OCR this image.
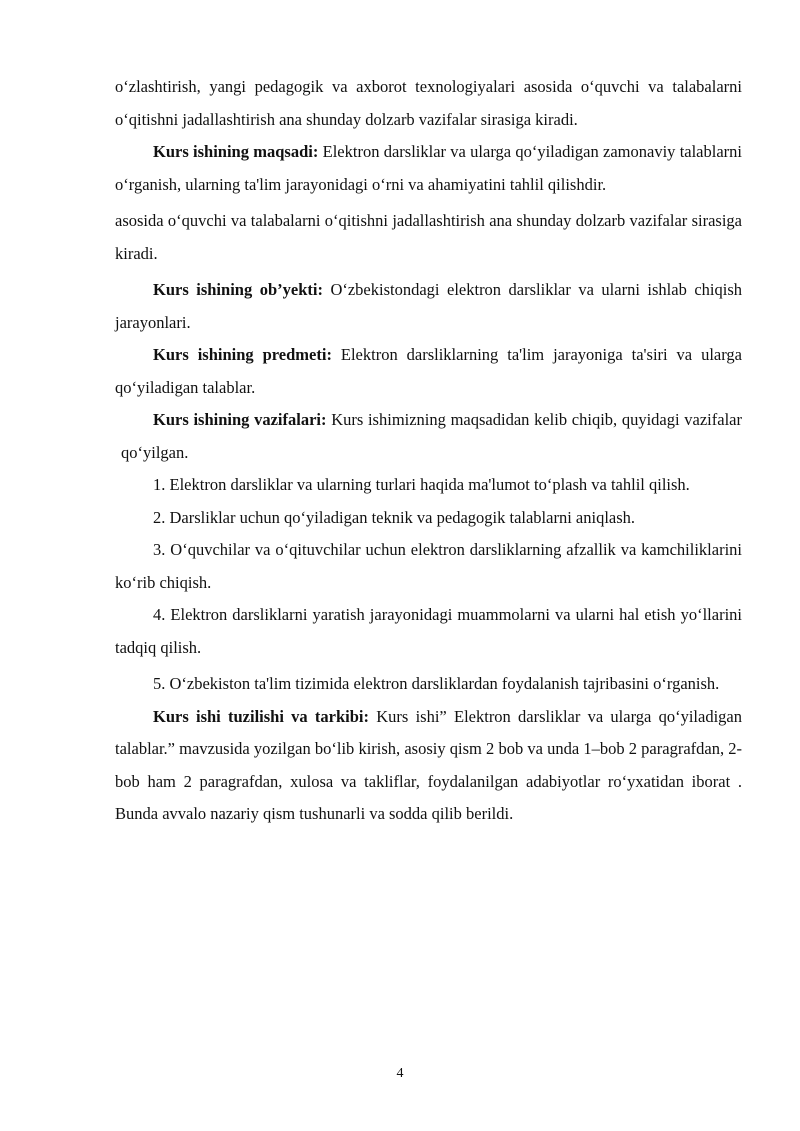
o‘zlashtirish, yangi pedagogik va axborot texnologiyalari asosida o‘quvchi va talabalarni o‘qitishni jadallashtirish ana shunday dolzarb vazifalar sirasiga kiradi.

Kurs ishining maqsadi: Elektron darsliklar va ularga qo‘yiladigan zamonaviy talablarni o‘rganish, ularning ta'lim jarayonidagi o‘rni va ahamiyatini tahlil qilishdir.

asosida o‘quvchi va talabalarni o‘qitishni jadallashtirish ana shunday dolzarb vazifalar sirasiga kiradi.

Kurs ishining ob’yekti: O‘zbekistondagi elektron darsliklar va ularni ishlab chiqish jarayonlari.

Kurs ishining predmeti: Elektron darsliklarning ta'lim jarayoniga ta'siri va ularga qo‘yiladigan talablar.

Kurs ishining vazifalari: Kurs ishimizning maqsadidan kelib chiqib, quyidagi vazifalar qo‘yilgan.

1. Elektron darsliklar va ularning turlari haqida ma'lumot to‘plash va tahlil qilish.

2. Darsliklar uchun qo‘yiladigan teknik va pedagogik talablarni aniqlash.

3. O‘quvchilar va o‘qituvchilar uchun elektron darsliklarning afzallik va kamchiliklarini ko‘rib chiqish.

4. Elektron darsliklarni yaratish jarayonidagi muammolarni va ularni hal etish yo‘llarini tadqiq qilish.

5. O‘zbekiston ta'lim tizimida elektron darsliklardan foydalanish tajribasini o‘rganish.

Kurs ishi tuzilishi va tarkibi: Kurs ishi” Elektron darsliklar va ularga qo‘yiladigan talablar.” mavzusida yozilgan bo‘lib kirish, asosiy qism 2 bob va unda 1–bob 2 paragrafdan, 2-bob ham 2 paragrafdan, xulosa va takliflar, foydalanilgan adabiyotlar ro‘yxatidan iborat . Bunda avvalo nazariy qism tushunarli va sodda qilib berildi.

4
